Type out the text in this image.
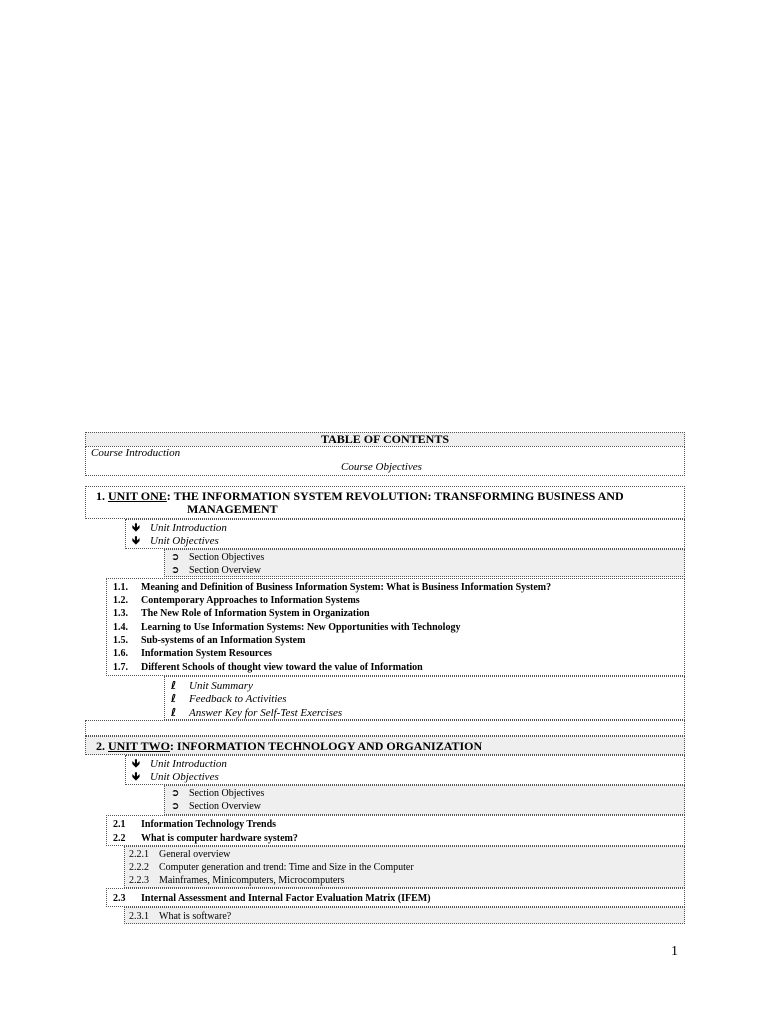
TABLE OF CONTENTS
Course Introduction
Course Objectives
1. UNIT ONE: THE INFORMATION SYSTEM REVOLUTION: TRANSFORMING BUSINESS AND
MANAGEMENT
🡻 Unit Introduction
🡻 Unit Objectives
➲ Section Objectives
➲ Section Overview
1.1. Meaning and Definition of Business Information System: What is Business Information System?
1.2. Contemporary Approaches to Information Systems
1.3. The New Role of Information System in Organization
1.4. Learning to Use Information Systems: New Opportunities with Technology
1.5. Sub-systems of an Information System
1.6. Information System Resources
1.7. Different Schools of thought view toward the value of Information
ℓ Unit Summary
ℓ Feedback to Activities
ℓ Answer Key for Self-Test Exercises
2. UNIT TWO: INFORMATION TECHNOLOGY AND ORGANIZATION
🡻 Unit Introduction
🡻 Unit Objectives
➲ Section Objectives
➲ Section Overview
2.1 Information Technology Trends
2.2 What is computer hardware system?
2.2.1 General overview
2.2.2 Computer generation and trend: Time and Size in the Computer
2.2.3 Mainframes, Minicomputers, Microcomputers
2.3 Internal Assessment and Internal Factor Evaluation Matrix (IFEM)
2.3.1 What is software?
1
